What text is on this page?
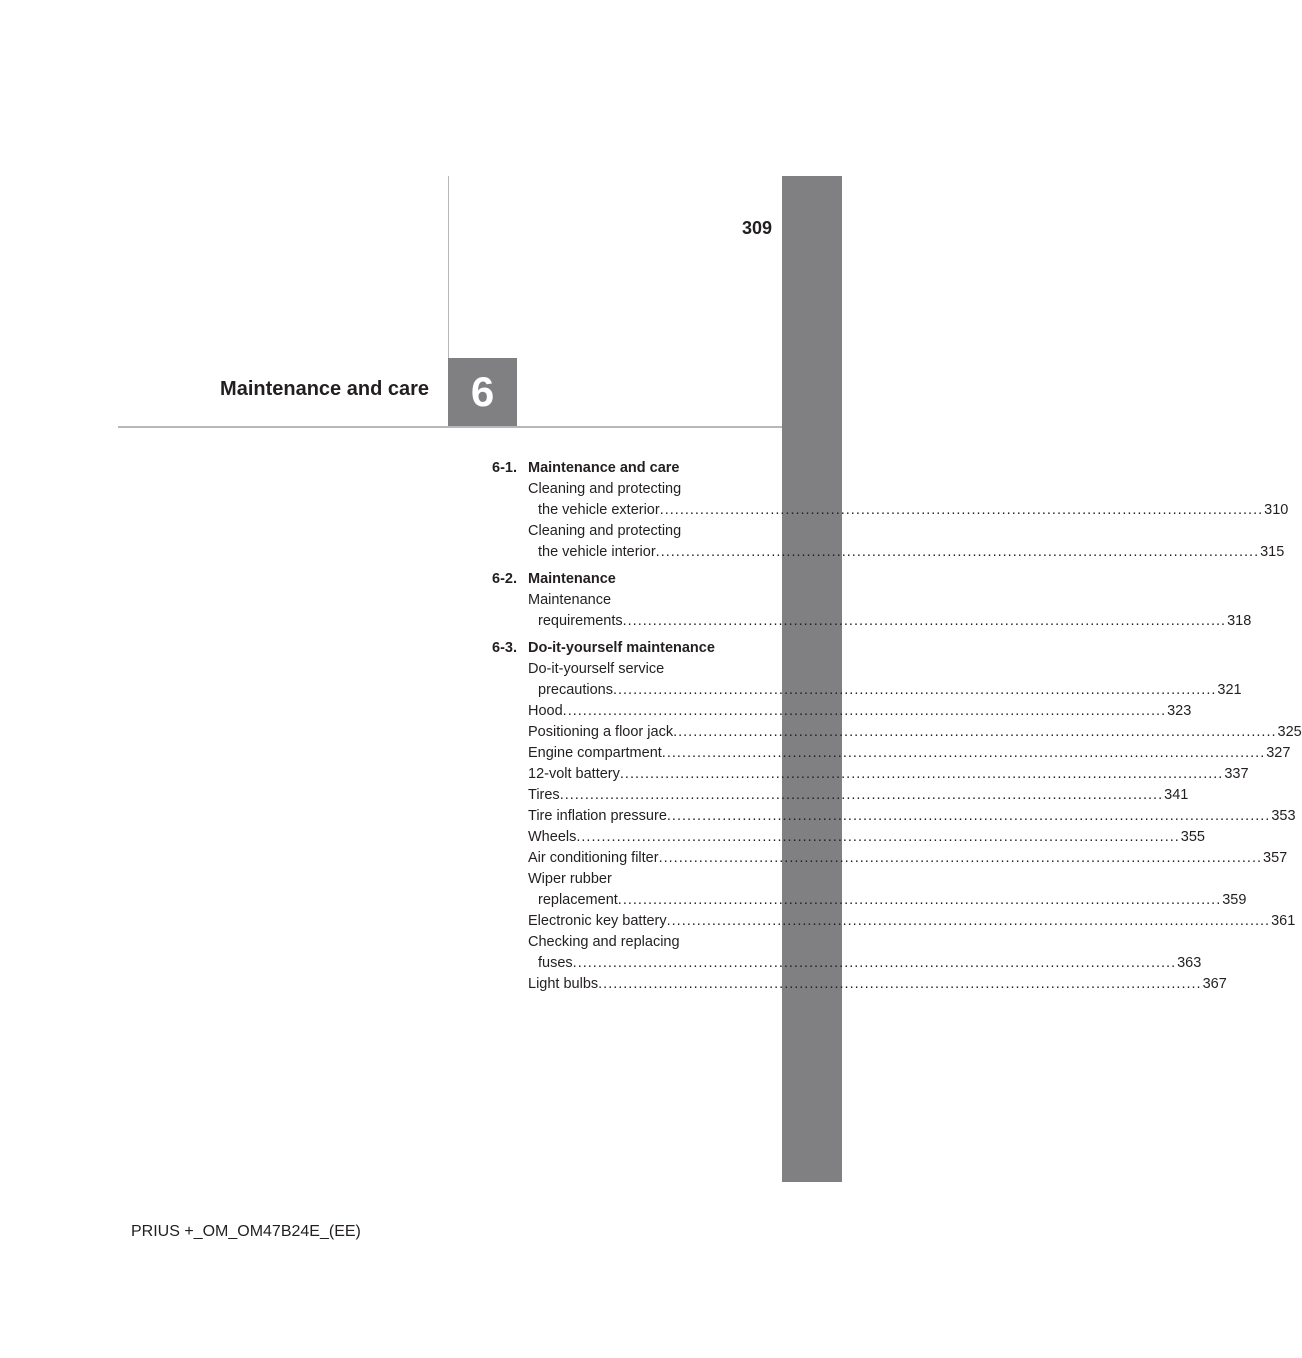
309
Maintenance and care 6
6-1. Maintenance and care
Cleaning and protecting
the vehicle exterior ........................................................................................................................ 310
Cleaning and protecting
the vehicle interior ........................................................................................................................ 315
6-2. Maintenance
Maintenance
requirements ........................................................................................................................ 318
6-3. Do-it-yourself maintenance
Do-it-yourself service
precautions ........................................................................................................................ 321
Hood ........................................................................................................................ 323
Positioning a floor jack ........................................................................................................................ 325
Engine compartment ........................................................................................................................ 327
12-volt battery ........................................................................................................................ 337
Tires ........................................................................................................................ 341
Tire inflation pressure ........................................................................................................................ 353
Wheels ........................................................................................................................ 355
Air conditioning filter ........................................................................................................................ 357
Wiper rubber
replacement ........................................................................................................................ 359
Electronic key battery ........................................................................................................................ 361
Checking and replacing
fuses ........................................................................................................................ 363
Light bulbs ........................................................................................................................ 367
PRIUS +_OM_OM47B24E_(EE)
